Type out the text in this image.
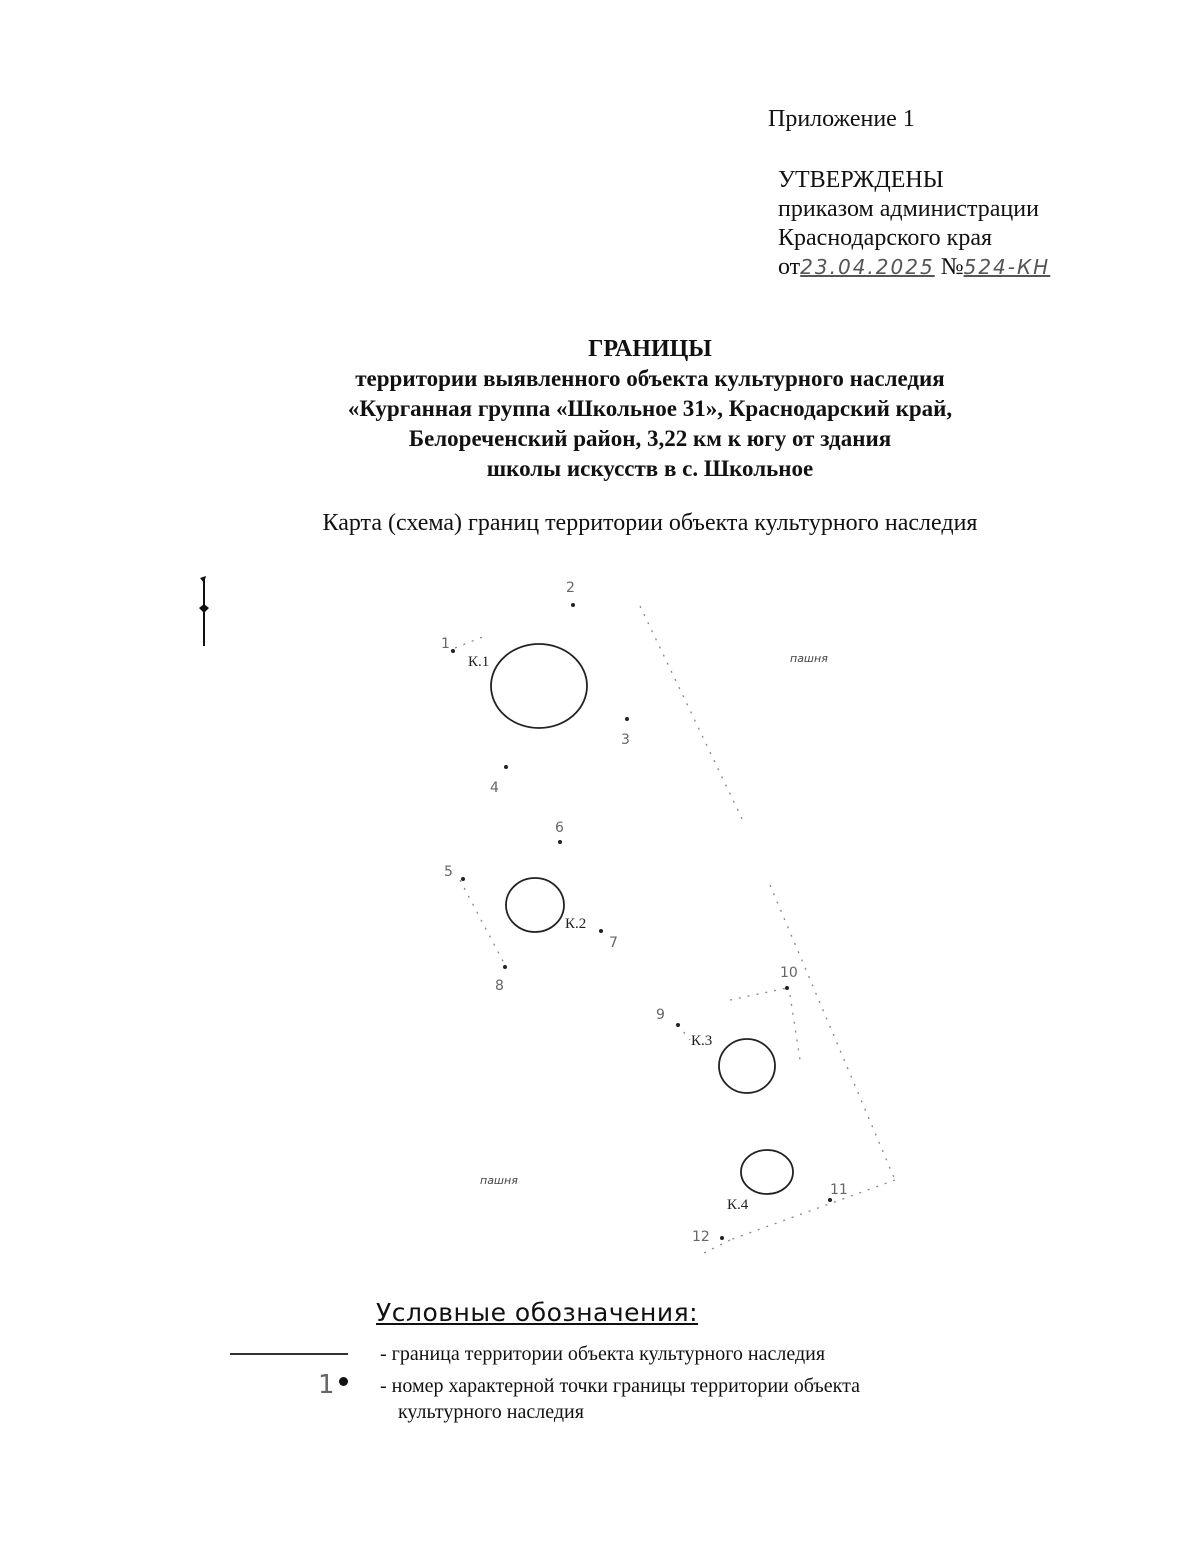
Приложение 1
УТВЕРЖДЕНЫ
приказом администрации
Краснодарского края
от23.04.2025 №524-КН
ГРАНИЦЫ
территории выявленного объекта культурного наследия
«Курганная группа «Школьное 31», Краснодарский край,
Белореченский район, 3,22 км к югу от здания
школы искусств в с. Школьное
Карта (схема) границ территории объекта культурного наследия
К.1
К.2
К.3
К.4
пашня
пашня
1
2
3
4
5
6
7
8
9
10
11
12
Условные обозначения:
- граница территории объекта культурного наследия
1 - номер характерной точки границы территории объекта
культурного наследия
